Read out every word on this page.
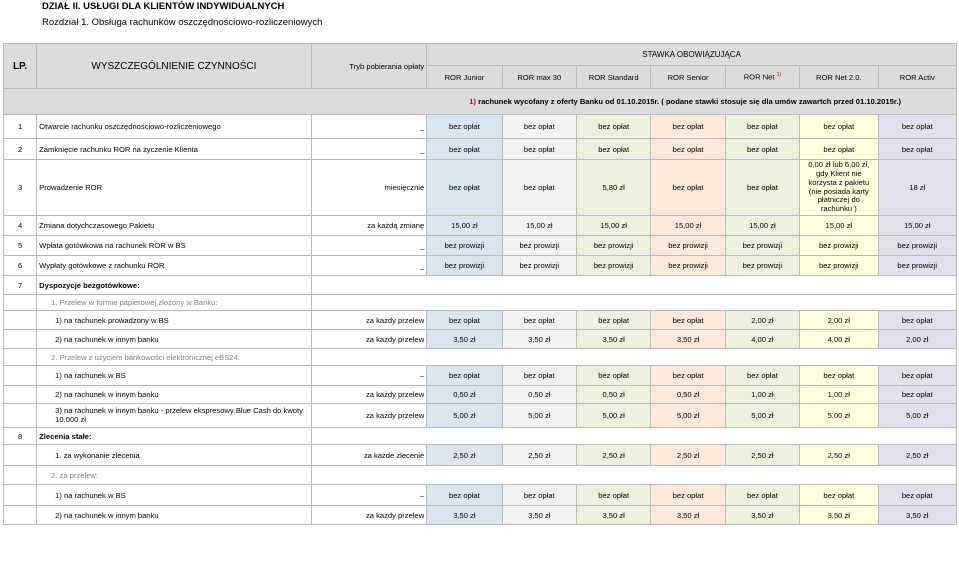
DZIAŁ II. USŁUGI DLA KLIENTÓW INDYWIDUALNYCH
Rozdział 1. Obsługa rachunków oszczędnościowo-rozliczeniowych
LP.	WYSZCZEGÓLNIENIE CZYNNOŚCI	Tryb pobierania opłaty	STAWKA OBOWIĄZUJĄCA						
			ROR Junior	ROR max 30	ROR Standard	ROR Senior	ROR Net $^{1)}$	ROR Net 2.0.	ROR Activ
1) rachunek wycofany z oferty Banku od 01.10.2015r. ( podane stawki stosuje się dla umów zawartch przed 01.10.2015r.)									
1	Otwarcie rachunku oszczędnościowo-rozliczeniowego	_	bez opłat	bez opłat	bez opłat	bez opłat	bez opłat	bez opłat	bez opłat
2	Zamknięcie rachunku ROR na życzenie Klienta	_	bez opłat	bez opłat	bez opłat	bez opłat	bez opłat	bez opłat	bez opłat
3	Prowadzenie ROR	miesięcznie	bez opłat	bez opłat	5,80 zł	bez opłat	bez opłat	0,00 zł lub 6,00 zł, gdy Klient nie korzysta z pakietu (nie posiada karty płatniczej do rachunku )	18 zł
4	Zmiana dotychczasowego Pakietu	za każdą zmianę	15,00 zł	15,00 zł	15,00 zł	15,00 zł	15,00 zł	15,00 zł	15,00 zł
5	Wpłata gotówkowa na rachunek ROR w BS	_	bez prowizji	bez prowizji	bez prowizji	bez prowizji	bez prowizji	bez prowizji	bez prowizji
6	Wypłaty gotówkowe z rachunku ROR	_	bez prowizji	bez prowizji	bez prowizji	bez prowizji	bez prowizji	bez prowizji	bez prowizji
7	Dyspozycje bezgotówkowe:								
	1. Przelew w formie papierowej złożony w Banku:								
	1) na rachunek prowadzony w BS	za każdy przelew	bez opłat	bez opłat	bez opłat	bez opłat	2,00 zł	2,00 zł	bez opłat
	2) na rachunek w innym banku	za każdy przelew	3,50 zł	3,50 zł	3,50 zł	3,50 zł	4,00 zł	4,00 zł	2,00 zł
	2. Przelew z użyciem bankowości elektronicznej eBS24:								
	1) na rachunek w BS	–	bez opłat	bez opłat	bez opłat	bez opłat	bez opłat	bez opłat	bez opłat
	2) na rachunek w innym banku	za każdy przelew	0,50 zł	0,50 zł	0,50 zł	0,50 zł	1,00 zł	1,00 zł	bez opłat
	3) na rachunek w innym banku - przelew ekspresowy Blue Cash do kwoty 10.000 zł	za każdy przelew	5,00 zł	5,00 zł	5,00 zł	5,00 zł	5,00 zł	5,00 zł	5,00 zł
8	Zlecenia stałe:								
	1. za wykonanie zlecenia	za każde zlecenie	2,50 zł	2,50 zł	2,50 zł	2,50 zł	2,50 zł	2,50 zł	2,50 zł
	2. za przelew:								
	1) na rachunek w BS	–	bez opłat	bez opłat	bez opłat	bez opłat	bez opłat	bez opłat	bez opłat
	2) na rachunek w innym banku	za każdy przelew	3,50 zł	3,50 zł	3,50 zł	3,50 zł	3,50 zł	3,50 zł	3,50 zł
